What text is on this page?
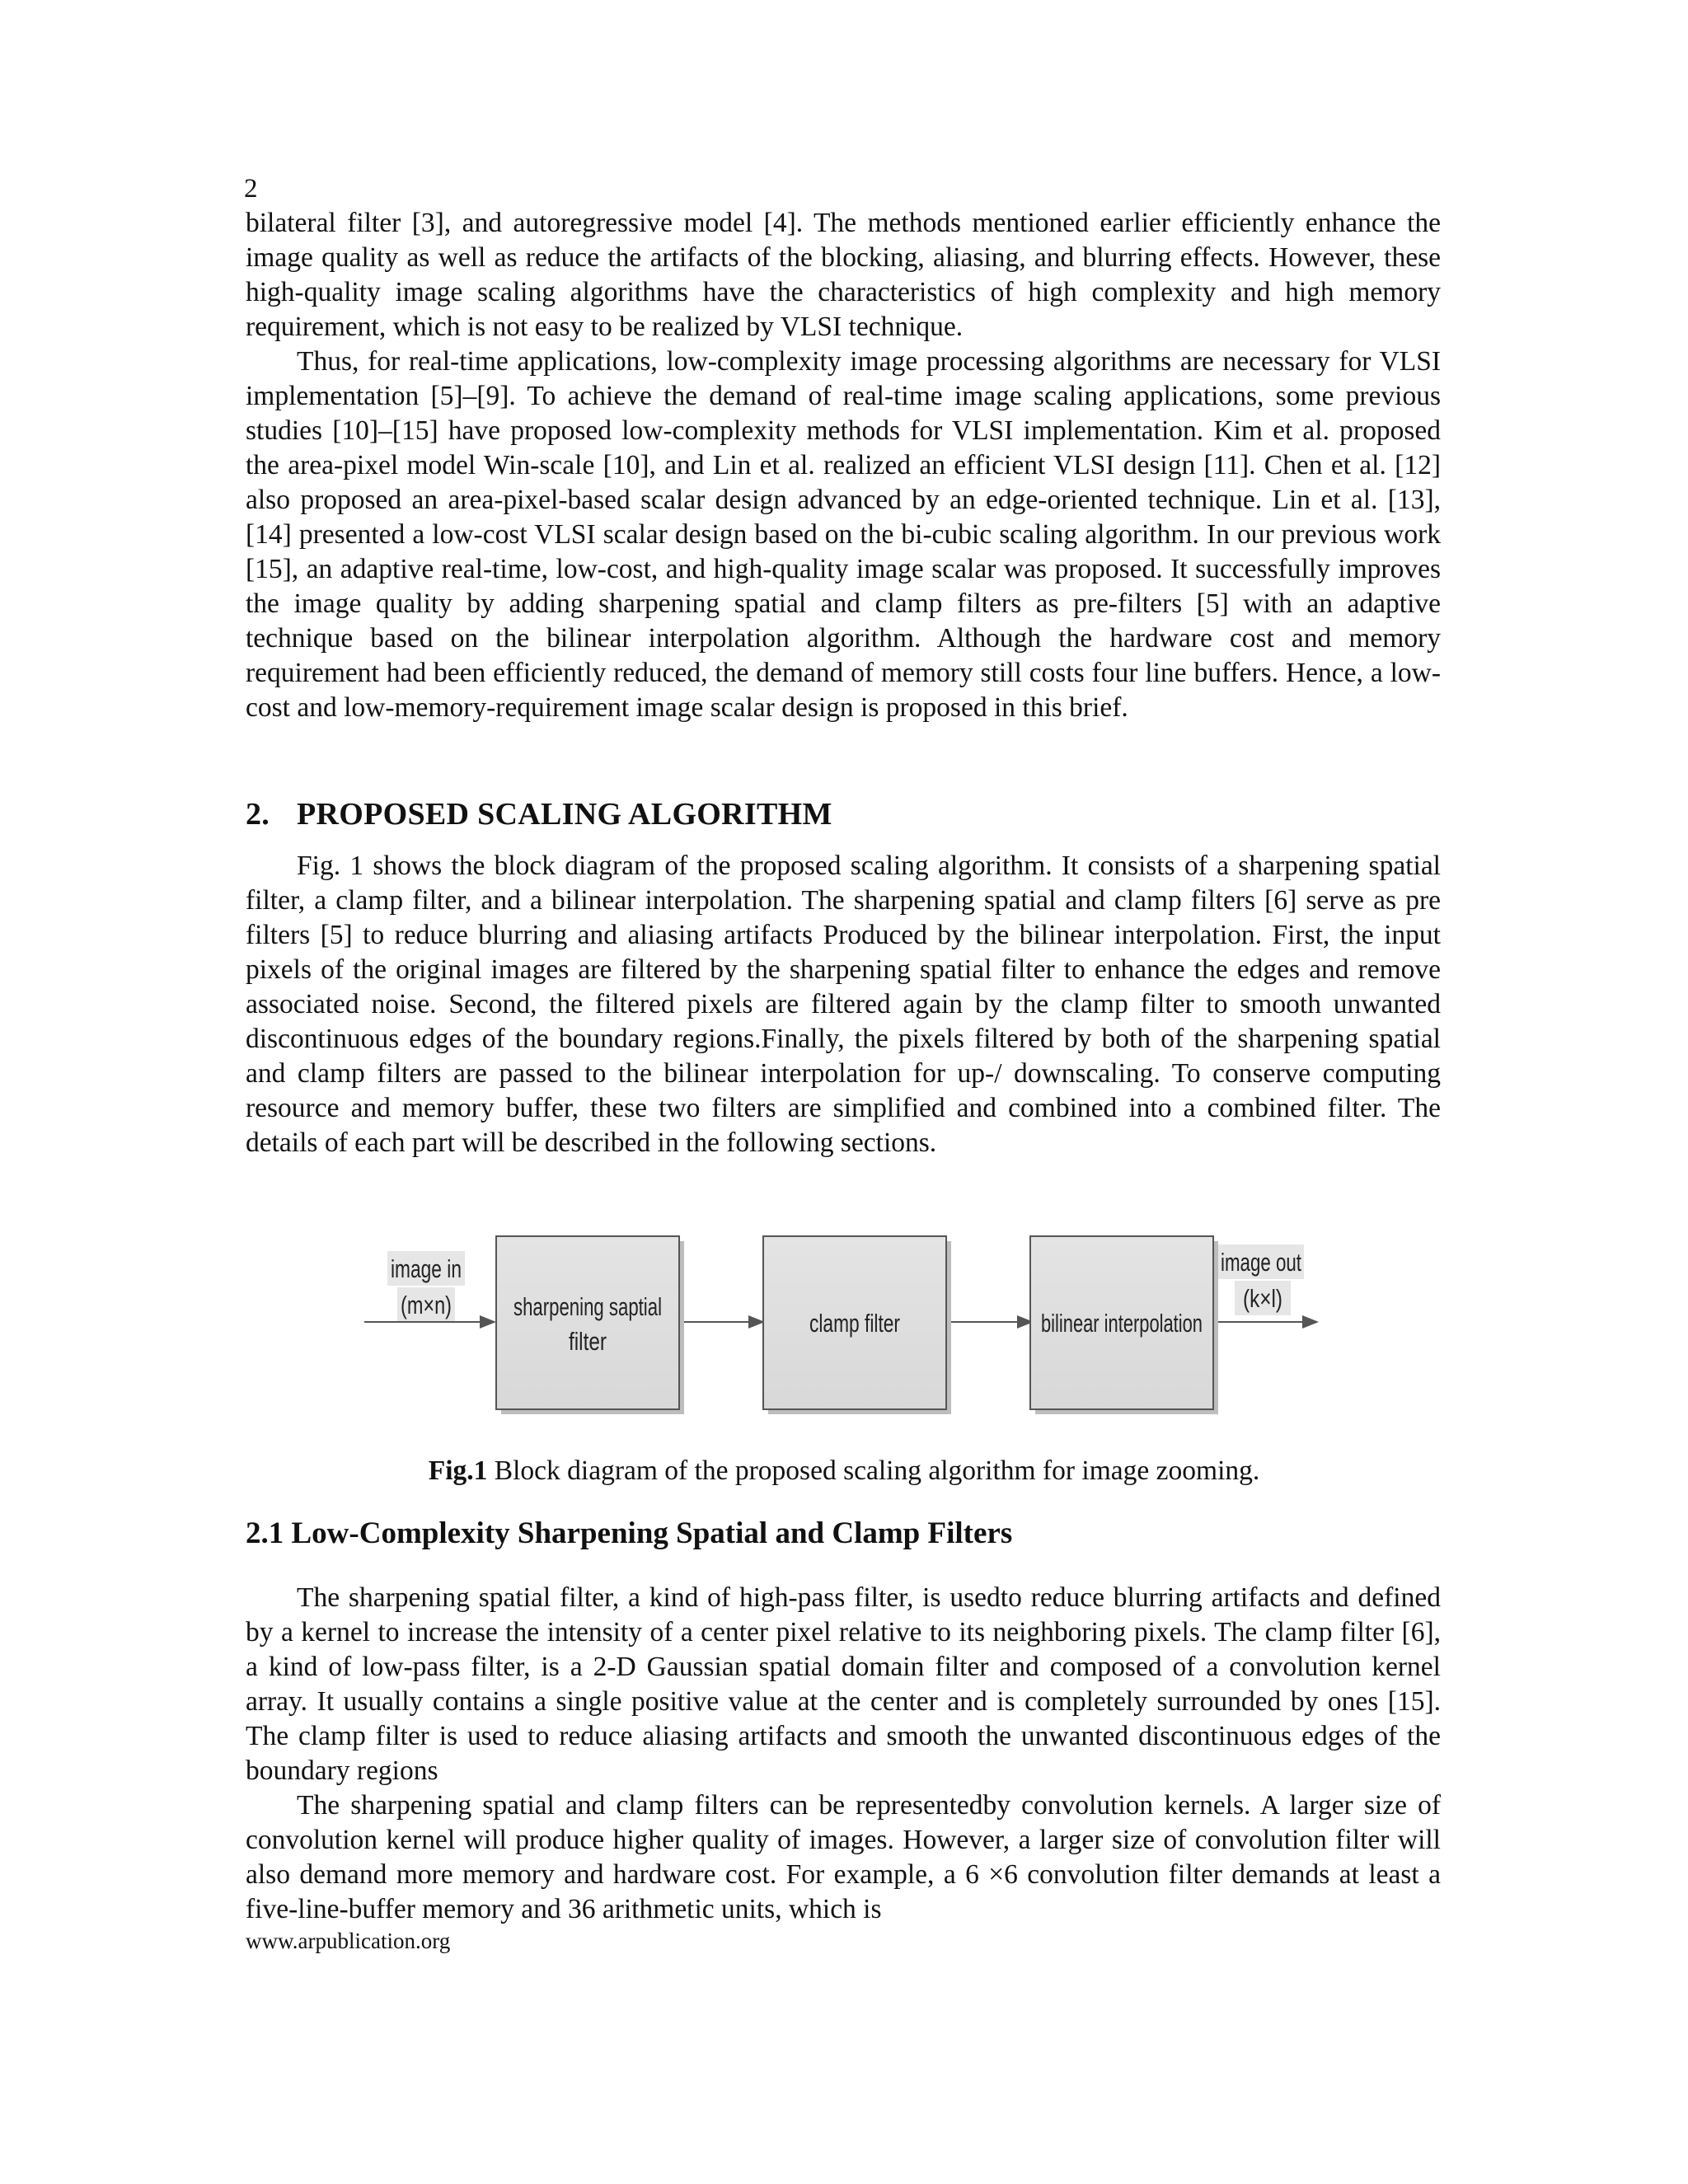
2

bilateral filter [3], and autoregressive model [4]. The methods mentioned earlier efficiently enhance the image quality as well as reduce the artifacts of the blocking, aliasing, and blurring effects. However, these high-quality image scaling algorithms have the characteristics of high complexity and high memory requirement, which is not easy to be realized by VLSI technique.

Thus, for real-time applications, low-complexity image processing algorithms are necessary for VLSI implementation [5]–[9]. To achieve the demand of real-time image scaling applications, some previous studies [10]–[15] have proposed low-complexity methods for VLSI implementation. Kim et al. proposed the area-pixel model Win-scale [10], and Lin et al. realized an efficient VLSI design [11]. Chen et al. [12] also proposed an area-pixel-based scalar design advanced by an edge-oriented technique. Lin et al. [13], [14] presented a low-cost VLSI scalar design based on the bi-cubic scaling algorithm. In our previous work [15], an adaptive real-time, low-cost, and high-quality image scalar was proposed. It successfully improves the image quality by adding sharpening spatial and clamp filters as pre-filters [5] with an adaptive technique based on the bilinear interpolation algorithm. Although the hardware cost and memory requirement had been efficiently reduced, the demand of memory still costs four line buffers. Hence, a low-cost and low-memory-requirement image scalar design is proposed in this brief.

2. PROPOSED SCALING ALGORITHM

Fig. 1 shows the block diagram of the proposed scaling algorithm. It consists of a sharpening spatial filter, a clamp filter, and a bilinear interpolation. The sharpening spatial and clamp filters [6] serve as pre filters [5] to reduce blurring and aliasing artifacts Produced by the bilinear interpolation. First, the input pixels of the original images are filtered by the sharpening spatial filter to enhance the edges and remove associated noise. Second, the filtered pixels are filtered again by the clamp filter to smooth unwanted discontinuous edges of the boundary regions.Finally, the pixels filtered by both of the sharpening spatial and clamp filters are passed to the bilinear interpolation for up-/ downscaling. To conserve computing resource and memory buffer, these two filters are simplified and combined into a combined filter. The details of each part will be described in the following sections.

image in
(m×n) sharpening saptial
filter
clamp filter	bilinear interpolation
image out
(k×l)
Fig.1 Block diagram of the proposed scaling algorithm for image zooming.
2.1 Low-Complexity Sharpening Spatial and Clamp Filters

The sharpening spatial filter, a kind of high-pass filter, is usedto reduce blurring artifacts and defined by a kernel to increase the intensity of a center pixel relative to its neighboring pixels. The clamp filter [6], a kind of low-pass filter, is a 2-D Gaussian spatial domain filter and composed of a convolution kernel array. It usually contains a single positive value at the center and is completely surrounded by ones [15]. The clamp filter is used to reduce aliasing artifacts and smooth the unwanted discontinuous edges of the boundary regions

The sharpening spatial and clamp filters can be representedby convolution kernels. A larger size of convolution kernel will produce higher quality of images. However, a larger size of convolution filter will also demand more memory and hardware cost. For example, a 6 ×6 convolution filter demands at least a five-line-buffer memory and 36 arithmetic units, which is

www.arpublication.org
